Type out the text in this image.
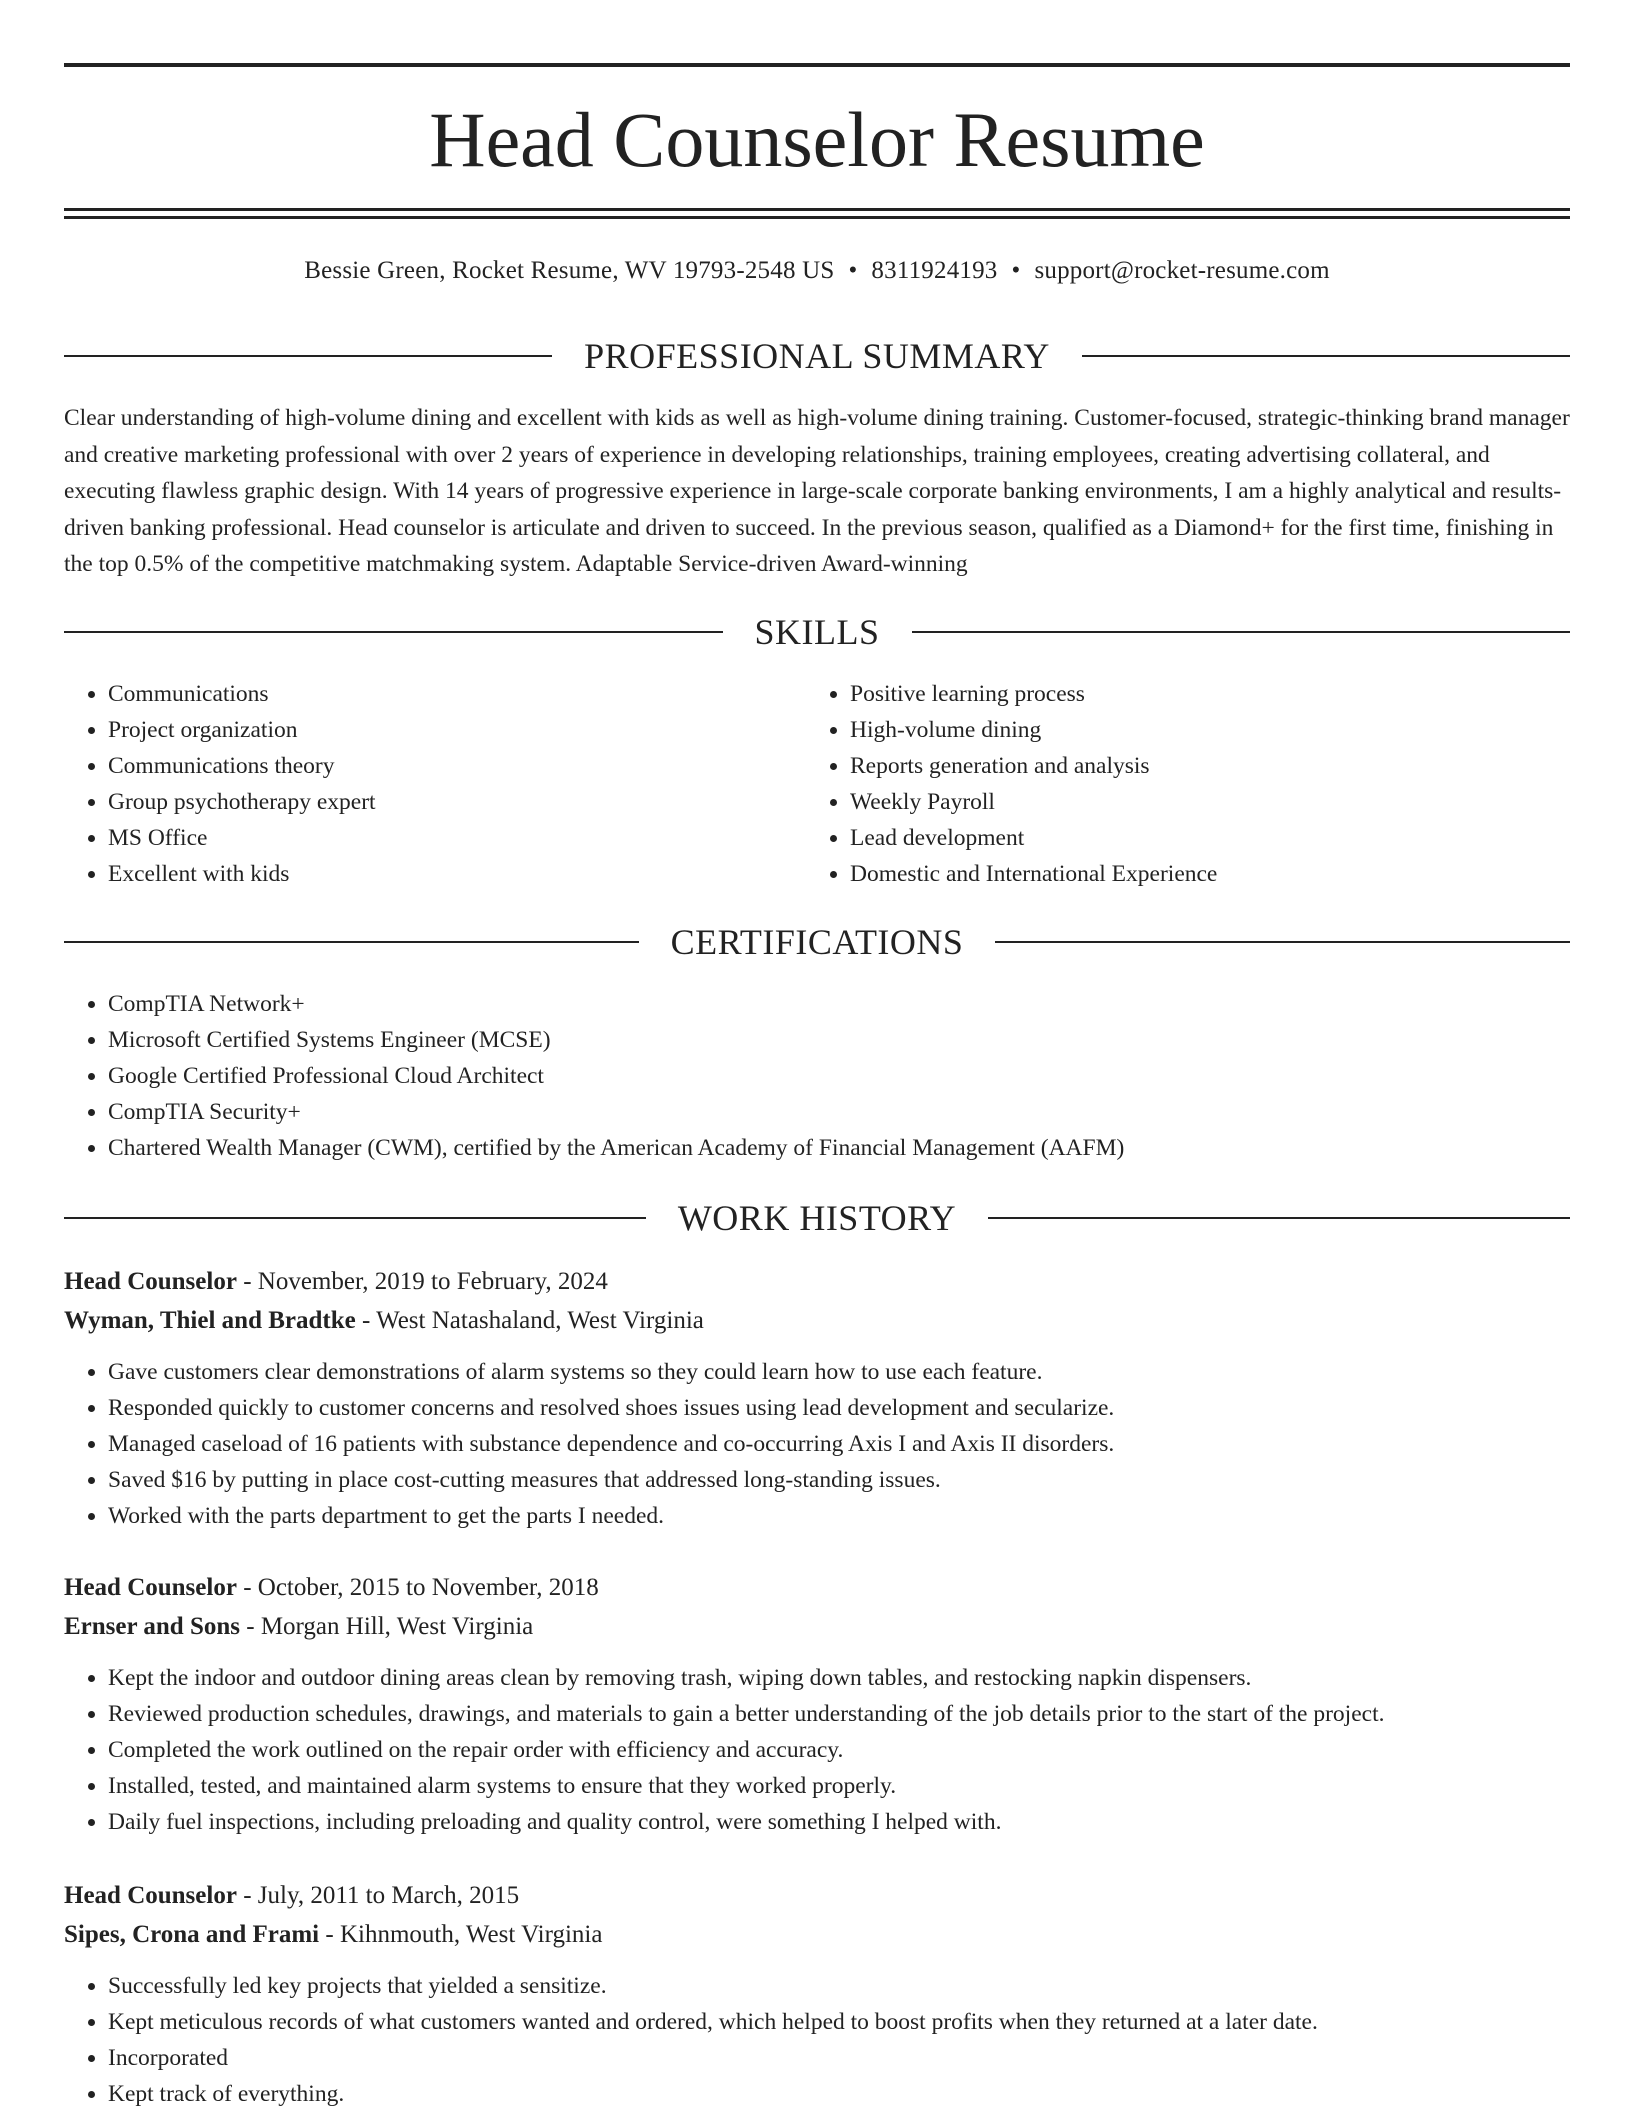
Head Counselor Resume
Bessie Green, Rocket Resume, WV 19793-2548 US • 8311924193 • support@rocket-resume.com
PROFESSIONAL SUMMARY

Clear understanding of high-volume dining and excellent with kids as well as high-volume dining training. Customer-focused, strategic-thinking brand manager and creative marketing professional with over 2 years of experience in developing relationships, training employees, creating advertising collateral, and executing flawless graphic design. With 14 years of progressive experience in large-scale corporate banking environments, I am a highly analytical and results-driven banking professional. Head counselor is articulate and driven to succeed. In the previous season, qualified as a Diamond+ for the first time, finishing in the top 0.5% of the competitive matchmaking system. Adaptable Service-driven Award-winning

SKILLS
• Communications
• Project organization
• Communications theory
• Group psychotherapy expert
• MS Office
• Excellent with kids
• Positive learning process
• High-volume dining
• Reports generation and analysis
• Weekly Payroll
• Lead development
• Domestic and International Experience
CERTIFICATIONS
• CompTIA Network+
• Microsoft Certified Systems Engineer (MCSE)
• Google Certified Professional Cloud Architect
• CompTIA Security+
• Chartered Wealth Manager (CWM), certified by the American Academy of Financial Management (AAFM)
WORK HISTORY
Head Counselor - November, 2019 to February, 2024
Wyman, Thiel and Bradtke - West Natashaland, West Virginia
• Gave customers clear demonstrations of alarm systems so they could learn how to use each feature.
• Responded quickly to customer concerns and resolved shoes issues using lead development and secularize.
• Managed caseload of 16 patients with substance dependence and co-occurring Axis I and Axis II disorders.
• Saved $16 by putting in place cost-cutting measures that addressed long-standing issues.
• Worked with the parts department to get the parts I needed.
Head Counselor - October, 2015 to November, 2018
Ernser and Sons - Morgan Hill, West Virginia
• Kept the indoor and outdoor dining areas clean by removing trash, wiping down tables, and restocking napkin dispensers.
• Reviewed production schedules, drawings, and materials to gain a better understanding of the job details prior to the start of the project.
• Completed the work outlined on the repair order with efficiency and accuracy.
• Installed, tested, and maintained alarm systems to ensure that they worked properly.
• Daily fuel inspections, including preloading and quality control, were something I helped with.
Head Counselor - July, 2011 to March, 2015
Sipes, Crona and Frami - Kihnmouth, West Virginia
• Successfully led key projects that yielded a sensitize.
• Kept meticulous records of what customers wanted and ordered, which helped to boost profits when they returned at a later date.
• Incorporated
• Kept track of everything.
